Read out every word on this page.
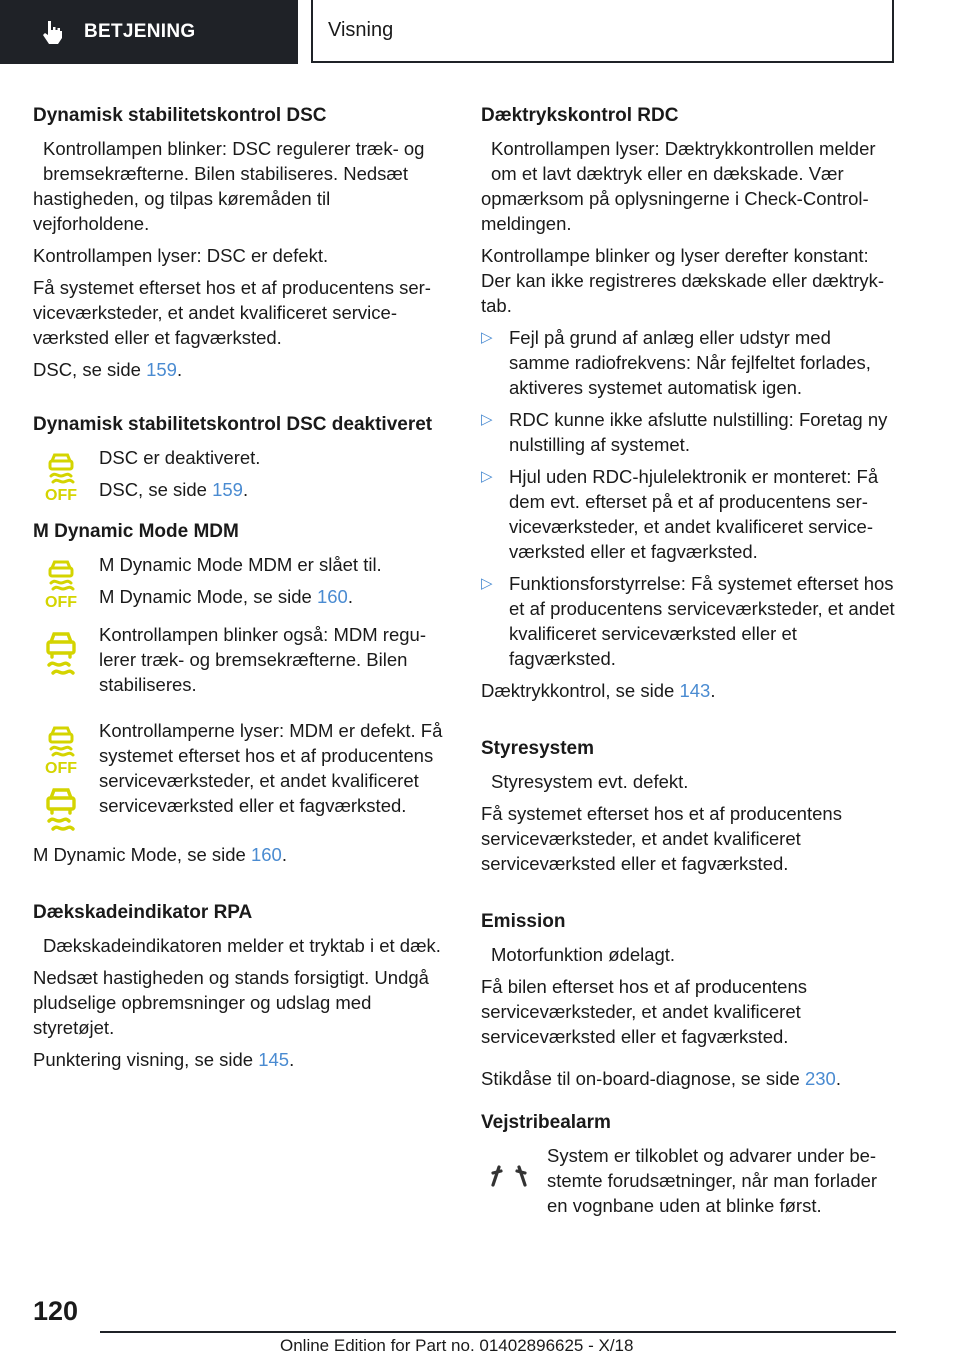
BETJENING	Visning
Dynamisk stabilitetskontrol DSC

Kontrollampen blinker: DSC regulerer træk- og bremsekræfterne. Bilen stabiliseres. Nedsæt hastigheden, og tilpas køremåden til vejforholdene.

Kontrollampen lyser: DSC er defekt.

Få systemet efterset hos et af producentens serviceværksteder, et andet kvalificeret serviceværksted eller et fagværksted.

DSC, se side 159.

Dynamisk stabilitetskontrol DSC deaktiveret
OFF

DSC er deaktiveret.

DSC, se side 159.

M Dynamic Mode MDM
OFF

M Dynamic Mode MDM er slået til.

M Dynamic Mode, se side 160.

Kontrollampen blinker også: MDM regulerer træk- og bremsekræfterne. Bilen stabiliseres.

OFF

Kontrollamperne lyser: MDM er defekt. Få systemet efterset hos et af producentens serviceværksteder, et andet kvalificeret serviceværksted eller et fagværksted.

M Dynamic Mode, se side 160.

Dækskadeindikator RPA

Dækskadeindikatoren melder et tryktab i et dæk.

Nedsæt hastigheden og stands forsigtigt. Undgå pludselige opbremsninger og udslag med styretøjet.

Punktering visning, se side 145.

Dæktrykskontrol RDC

Kontrollampen lyser: Dæktrykkontrollen melder om et lavt dæktryk eller en dækskade. Vær opmærksom på oplysningerne i Check-Control-meldingen.

Kontrollampe blinker og lyser derefter konstant: Der kan ikke registreres dækskade eller dæktryktab.

▷ Fejl på grund af anlæg eller udstyr med samme radiofrekvens: Når fejlfeltet forlades, aktiveres systemet automatisk igen.
▷ RDC kunne ikke afslutte nulstilling: Foretag ny nulstilling af systemet.
▷ Hjul uden RDC-hjulelektronik er monteret: Få dem evt. efterset på et af producentens serviceværksteder, et andet kvalificeret serviceværksted eller et fagværksted.
▷ Funktionsforstyrrelse: Få systemet efterset hos et af producentens serviceværksteder, et andet kvalificeret serviceværksted eller et fagværksted.

Dæktrykkontrol, se side 143.

Styresystem

Styresystem evt. defekt.

Få systemet efterset hos et af producentens serviceværksteder, et andet kvalificeret serviceværksted eller et fagværksted.

Emission

Motorfunktion ødelagt.

Få bilen efterset hos et af producentens serviceværksteder, et andet kvalificeret serviceværksted eller et fagværksted.

Stikdåse til on-board-diagnose, se side 230.

Vejstribealarm

System er tilkoblet og advarer under bestemte forudsætninger, når man forlader en vognbane uden at blinke først.

120
Online Edition for Part no. 01402896625 - X/18
